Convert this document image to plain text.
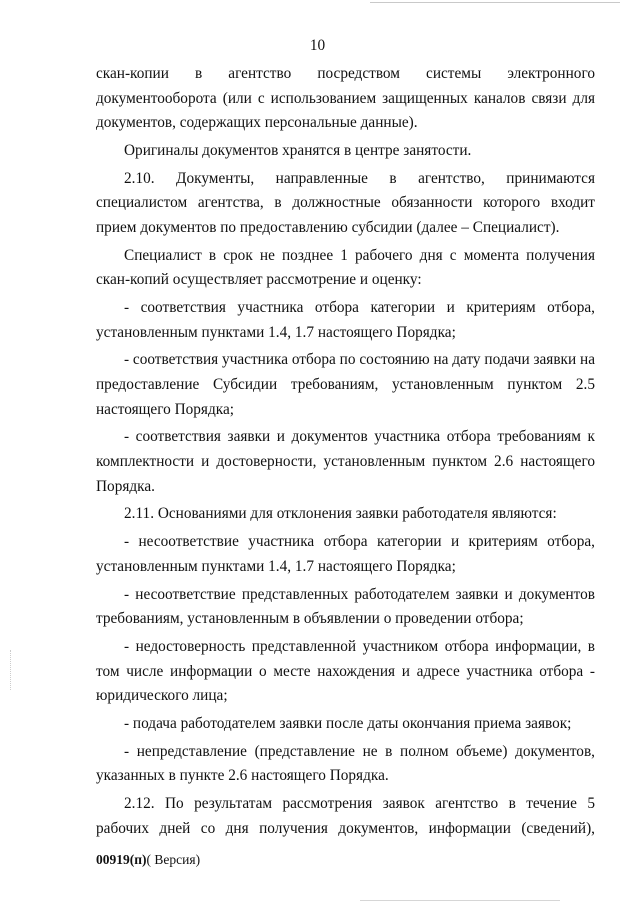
10

скан-копии в агентство посредством системы электронного документооборота (или с использованием защищенных каналов связи для документов, содержащих персональные данные).

Оригиналы документов хранятся в центре занятости.

2.10. Документы, направленные в агентство, принимаются специалистом агентства, в должностные обязанности которого входит прием документов по предоставлению субсидии (далее – Специалист).

Специалист в срок не позднее 1 рабочего дня с момента получения скан-копий осуществляет рассмотрение и оценку:

- соответствия участника отбора категории и критериям отбора, установленным пунктами 1.4, 1.7 настоящего Порядка;

- соответствия участника отбора по состоянию на дату подачи заявки на предоставление Субсидии требованиям, установленным пунктом 2.5 настоящего Порядка;

- соответствия заявки и документов участника отбора требованиям к комплектности и достоверности, установленным пунктом 2.6 настоящего Порядка.

2.11. Основаниями для отклонения заявки работодателя являются:

- несоответствие участника отбора категории и критериям отбора, установленным пунктами 1.4, 1.7 настоящего Порядка;

- несоответствие представленных работодателем заявки и документов требованиям, установленным в объявлении о проведении отбора;

- недостоверность представленной участником отбора информации, в том числе информации о месте нахождения и адресе участника отбора - юридического лица;

- подача работодателем заявки после даты окончания приема заявок;

- непредставление (представление не в полном объеме) документов, указанных в пункте 2.6 настоящего Порядка.

2.12. По результатам рассмотрения заявок агентство в течение 5 рабочих дней со дня получения документов, информации (сведений),

00919(п)( Версия)
